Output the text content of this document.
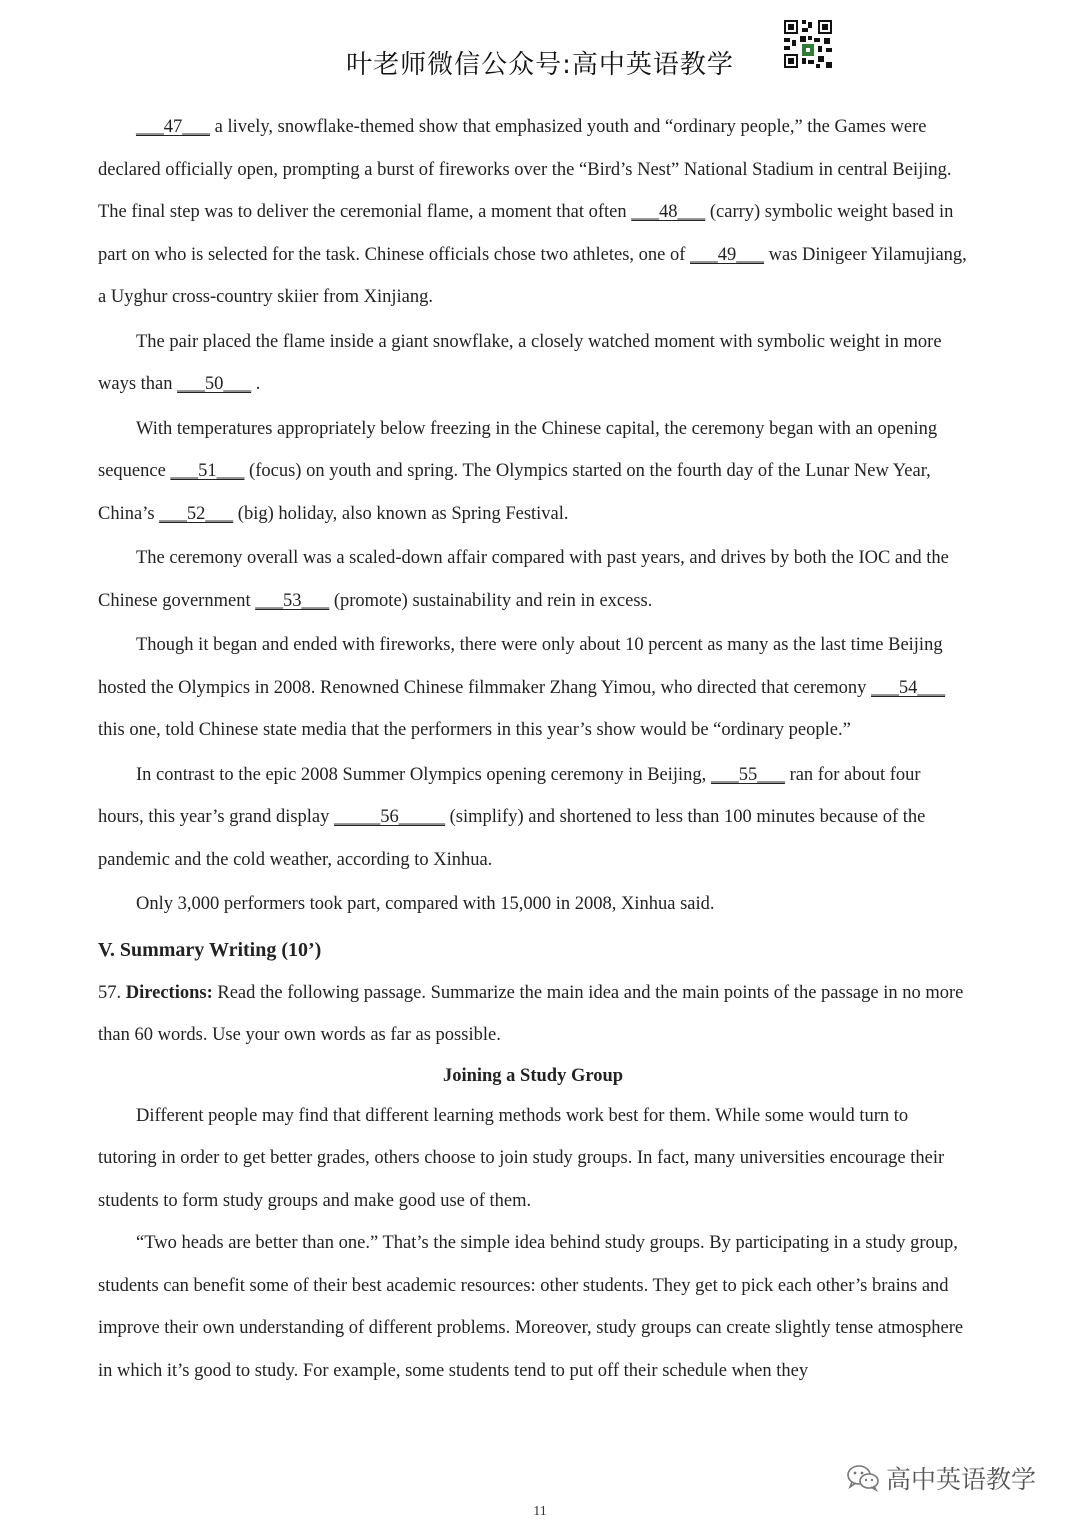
叶老师微信公众号:高中英语教学

___47___ a lively, snowflake-themed show that emphasized youth and “ordinary people,” the Games were declared officially open, prompting a burst of fireworks over the “Bird’s Nest” National Stadium in central Beijing. The final step was to deliver the ceremonial flame, a moment that often ___48___ (carry) symbolic weight based in part on who is selected for the task. Chinese officials chose two athletes, one of ___49___ was Dinigeer Yilamujiang, a Uyghur cross-country skiier from Xinjiang.

The pair placed the flame inside a giant snowflake, a closely watched moment with symbolic weight in more ways than ___50___ .

With temperatures appropriately below freezing in the Chinese capital, the ceremony began with an opening sequence ___51___ (focus) on youth and spring. The Olympics started on the fourth day of the Lunar New Year, China’s ___52___ (big) holiday, also known as Spring Festival.

The ceremony overall was a scaled-down affair compared with past years, and drives by both the IOC and the Chinese government ___53___ (promote) sustainability and rein in excess.

Though it began and ended with fireworks, there were only about 10 percent as many as the last time Beijing hosted the Olympics in 2008. Renowned Chinese filmmaker Zhang Yimou, who directed that ceremony ___54___ this one, told Chinese state media that the performers in this year’s show would be “ordinary people.”

In contrast to the epic 2008 Summer Olympics opening ceremony in Beijing, ___55___ ran for about four hours, this year’s grand display _____56_____ (simplify) and shortened to less than 100 minutes because of the pandemic and the cold weather, according to Xinhua.

Only 3,000 performers took part, compared with 15,000 in 2008, Xinhua said.

V. Summary Writing (10’)

57. Directions: Read the following passage. Summarize the main idea and the main points of the passage in no more than 60 words. Use your own words as far as possible.

Joining a Study Group

Different people may find that different learning methods work best for them. While some would turn to tutoring in order to get better grades, others choose to join study groups. In fact, many universities encourage their students to form study groups and make good use of them.

“Two heads are better than one.” That’s the simple idea behind study groups. By participating in a study group, students can benefit some of their best academic resources: other students. They get to pick each other’s brains and improve their own understanding of different problems. Moreover, study groups can create slightly tense atmosphere in which it’s good to study. For example, some students tend to put off their schedule when they

高中英语教学
11
